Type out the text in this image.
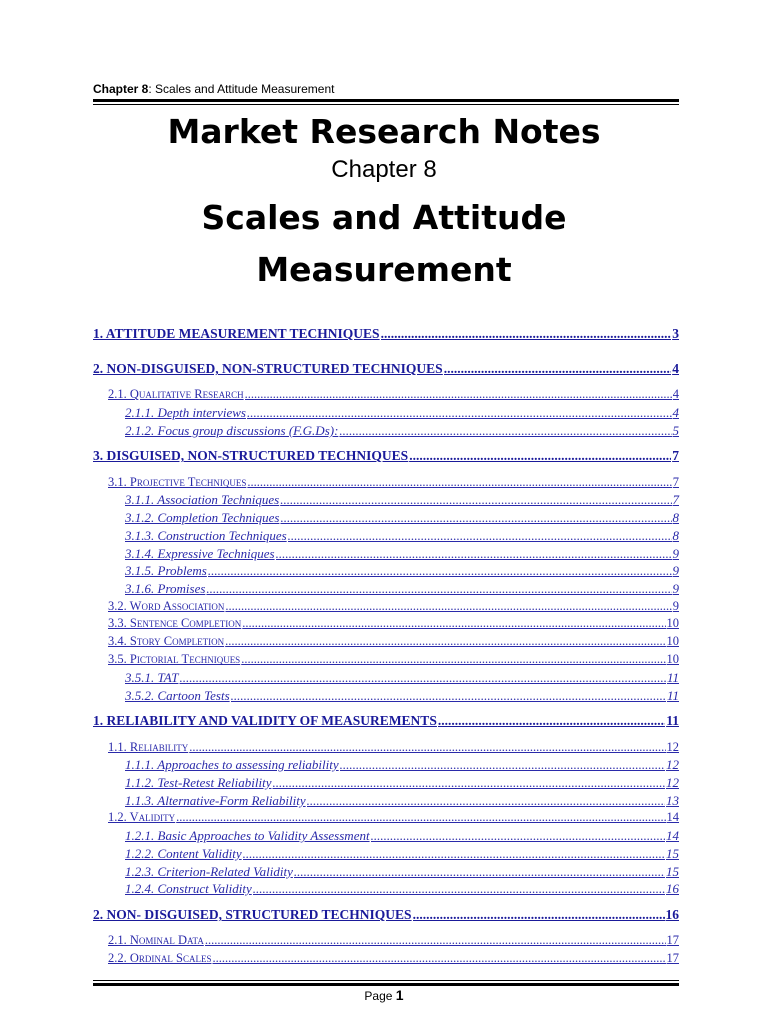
Chapter 8: Scales and Attitude Measurement
Market Research Notes
Chapter 8
Scales and Attitude
Measurement
1. ATTITUDE MEASUREMENT TECHNIQUES .....	3
2. NON-DISGUISED, NON-STRUCTURED TECHNIQUES .....	4
2.1. Qualitative Research .....	4
2.1.1. Depth interviews .....	4
2.1.2. Focus group discussions (F.G.Ds): .....	5
3. DISGUISED, NON-STRUCTURED TECHNIQUES .....	7
3.1. Projective Techniques .....	7
3.1.1. Association Techniques .....	7
3.1.2. Completion Techniques .....	8
3.1.3. Construction Techniques .....	8
3.1.4. Expressive Techniques .....	9
3.1.5. Problems .....	9
3.1.6. Promises .....	9
3.2. Word Association .....	9
3.3. Sentence Completion .....	10
3.4. Story Completion .....	10
3.5. Pictorial Techniques .....	10
3.5.1. TAT .....	11
3.5.2. Cartoon Tests .....	11
1. RELIABILITY AND VALIDITY OF MEASUREMENTS .....	11
1.1. Reliability .....	12
1.1.1. Approaches to assessing reliability .....	12
1.1.2. Test-Retest Reliability .....	12
1.1.3. Alternative-Form Reliability .....	13
1.2. Validity .....	14
1.2.1. Basic Approaches to Validity Assessment .....	14
1.2.2. Content Validity .....	15
1.2.3. Criterion-Related Validity .....	15
1.2.4. Construct Validity .....	16
2. NON- DISGUISED, STRUCTURED TECHNIQUES .....	16
2.1. Nominal Data .....	17
2.2. Ordinal Scales .....	17
Page 1
